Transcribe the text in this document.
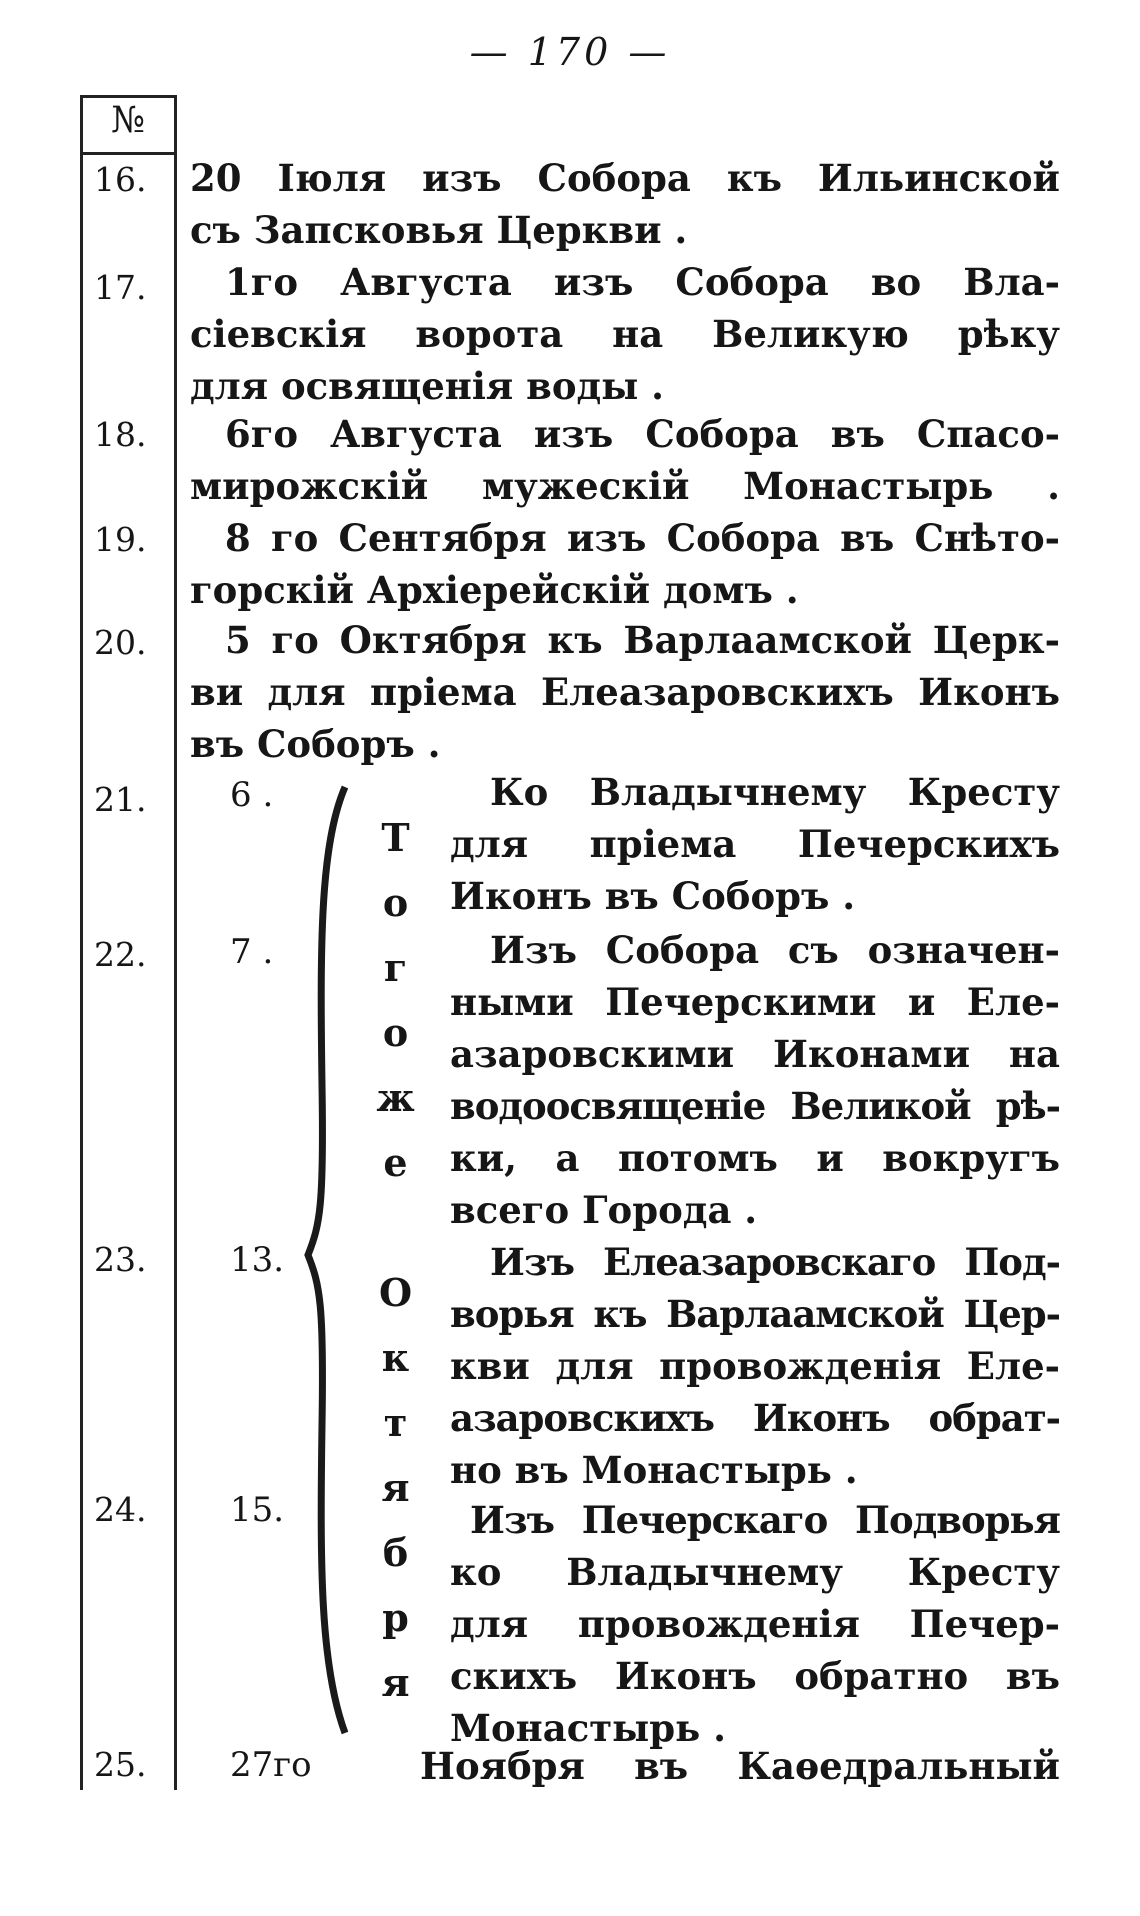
— 170 —
№
16.
17.
18.
19.
20.
21.
22.
23.
24.
25.
20 Іюля изъ Собора къ Ильинской
съ Запсковья Церкви .
1го Августа изъ Собора во Вла-
сіевскія ворота на Великую рѣку
для освященія воды .
6го Августа изъ Собора въ Спасо-
мирожскій мужескій Монастырь .
8 го Сентября изъ Собора въ Снѣто-
горскій Архіерейскій домъ .
5 го Октября къ Варлаамской Церк-
ви для пріема Елеазаровскихъ Иконъ
въ Соборъ .
6 .
7 .
13.
15.
27го
Тогожe Октября
Ко Владычнему Кресту
для пріема Печерскихъ
Иконъ въ Соборъ .
Изъ Собора съ означен-
ными Печерскими и Еле-
азаровскими Иконами на
водоосвященіе Великой рѣ-
ки, а потомъ и вокругъ
всего Города .
Изъ Елеазаровскаго Под-
ворья къ Варлаамской Цер-
кви для провожденія Еле-
азаровскихъ Иконъ обрат-
но въ Монастырь .
Изъ Печерскаго Подворья
ко Владычнему Кресту
для провожденія Печер-
скихъ Иконъ обратно въ
Монастырь .
Ноября въ Каѳедральный
